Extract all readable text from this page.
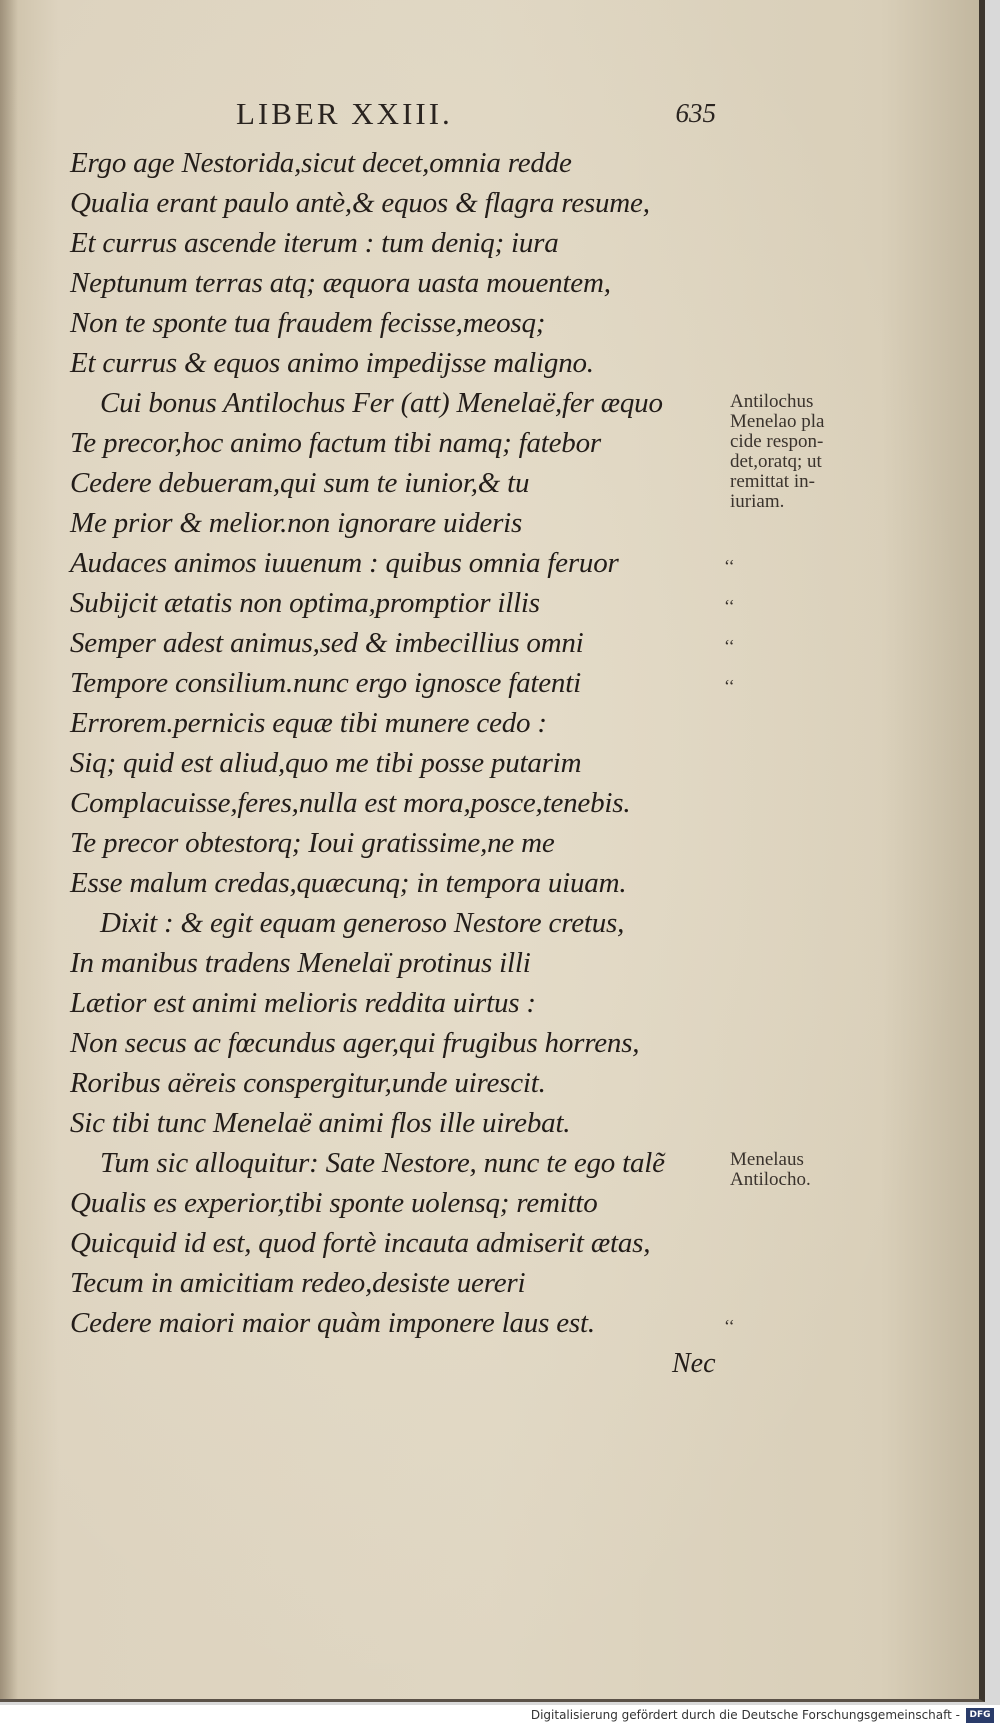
LIBER XXIII.	635
Ergo age Nestorida,sicut decet,omnia redde
Qualia erant paulo antè,& equos & flagra resume,
Et currus ascende iterum : tum deniq; iura
Neptunum terras atq; æquora uasta mouentem,
Non te sponte tua fraudem fecisse,meosq;
Et currus & equos animo impedijsse maligno.
Cui bonus Antilochus Fer (att) Menelaë,fer æquo
Te precor,hoc animo factum tibi namq; fatebor
Cedere debueram,qui sum te iunior,& tu
Me prior & melior.non ignorare uideris
Audaces animos iuuenum : quibus omnia feruor
Subijcit ætatis non optima,promptior illis
Semper adest animus,sed & imbecillius omni
Tempore consilium.nunc ergo ignosce fatenti
Errorem.pernicis equæ tibi munere cedo :
Siq; quid est aliud,quo me tibi posse putarim
Complacuisse,feres,nulla est mora,posce,tenebis.
Te precor obtestorq; Ioui gratissime,ne me
Esse malum credas,quæcunq; in tempora uiuam.
Dixit : & egit equam generoso Nestore cretus,
In manibus tradens Menelaï protinus illi
Lætior est animi melioris reddita uirtus :
Non secus ac fœcundus ager,qui frugibus horrens,
Roribus aëreis conspergitur,unde uirescit.
Sic tibi tunc Menelaë animi flos ille uirebat.
Tum sic alloquitur: Sate Nestore, nunc te ego talẽ
Qualis es experior,tibi sponte uolensq; remitto
Quicquid id est, quod fortè incauta admiserit ætas,
Tecum in amicitiam redeo,desiste uereri
Cedere maiori maior quàm imponere laus est.
Nec
Antilochus
Menelao pla
cide respon-
det,oratq; ut
remittat in-
iuriam.
Menelaus
Antilocho.
‘‘
‘‘
‘‘
‘‘
‘‘
Digitalisierung gefördert durch die Deutsche Forschungsgemeinschaft -	DFG
